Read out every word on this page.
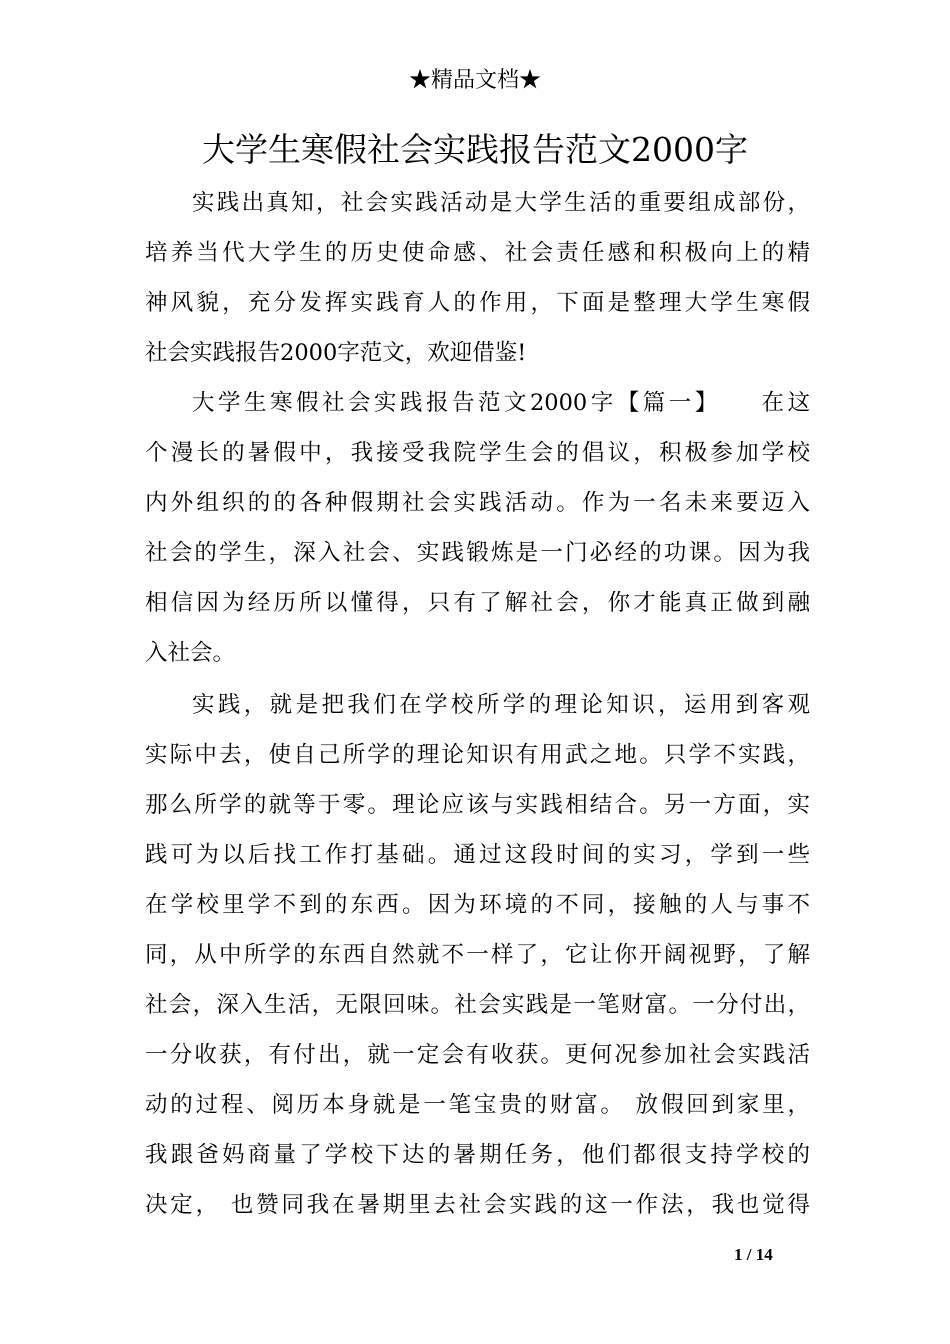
★精品文档★
大学生寒假社会实践报告范文2000字
实践出真知，社会实践活动是大学生活的重要组成部份，
培养当代大学生的历史使命感、社会责任感和积极向上的精
神风貌，充分发挥实践育人的作用，下面是整理大学生寒假
社会实践报告2000字范文，欢迎借鉴!
大学生寒假社会实践报告范文2000字【篇一】　　在这
个漫长的暑假中，我接受我院学生会的倡议，积极参加学校
内外组织的的各种假期社会实践活动。作为一名未来要迈入
社会的学生，深入社会、实践锻炼是一门必经的功课。因为我
相信因为经历所以懂得，只有了解社会，你才能真正做到融
入社会。
实践，就是把我们在学校所学的理论知识，运用到客观
实际中去，使自己所学的理论知识有用武之地。只学不实践，
那么所学的就等于零。理论应该与实践相结合。另一方面，实
践可为以后找工作打基础。通过这段时间的实习，学到一些
在学校里学不到的东西。因为环境的不同，接触的人与事不
同，从中所学的东西自然就不一样了，它让你开阔视野，了解
社会，深入生活，无限回味。社会实践是一笔财富。一分付出，
一分收获，有付出，就一定会有收获。更何况参加社会实践活
动的过程、阅历本身就是一笔宝贵的财富。 放假回到家里，
我跟爸妈商量了学校下达的暑期任务，他们都很支持学校的
决定， 也赞同我在暑期里去社会实践的这一作法，我也觉得
1 / 14
